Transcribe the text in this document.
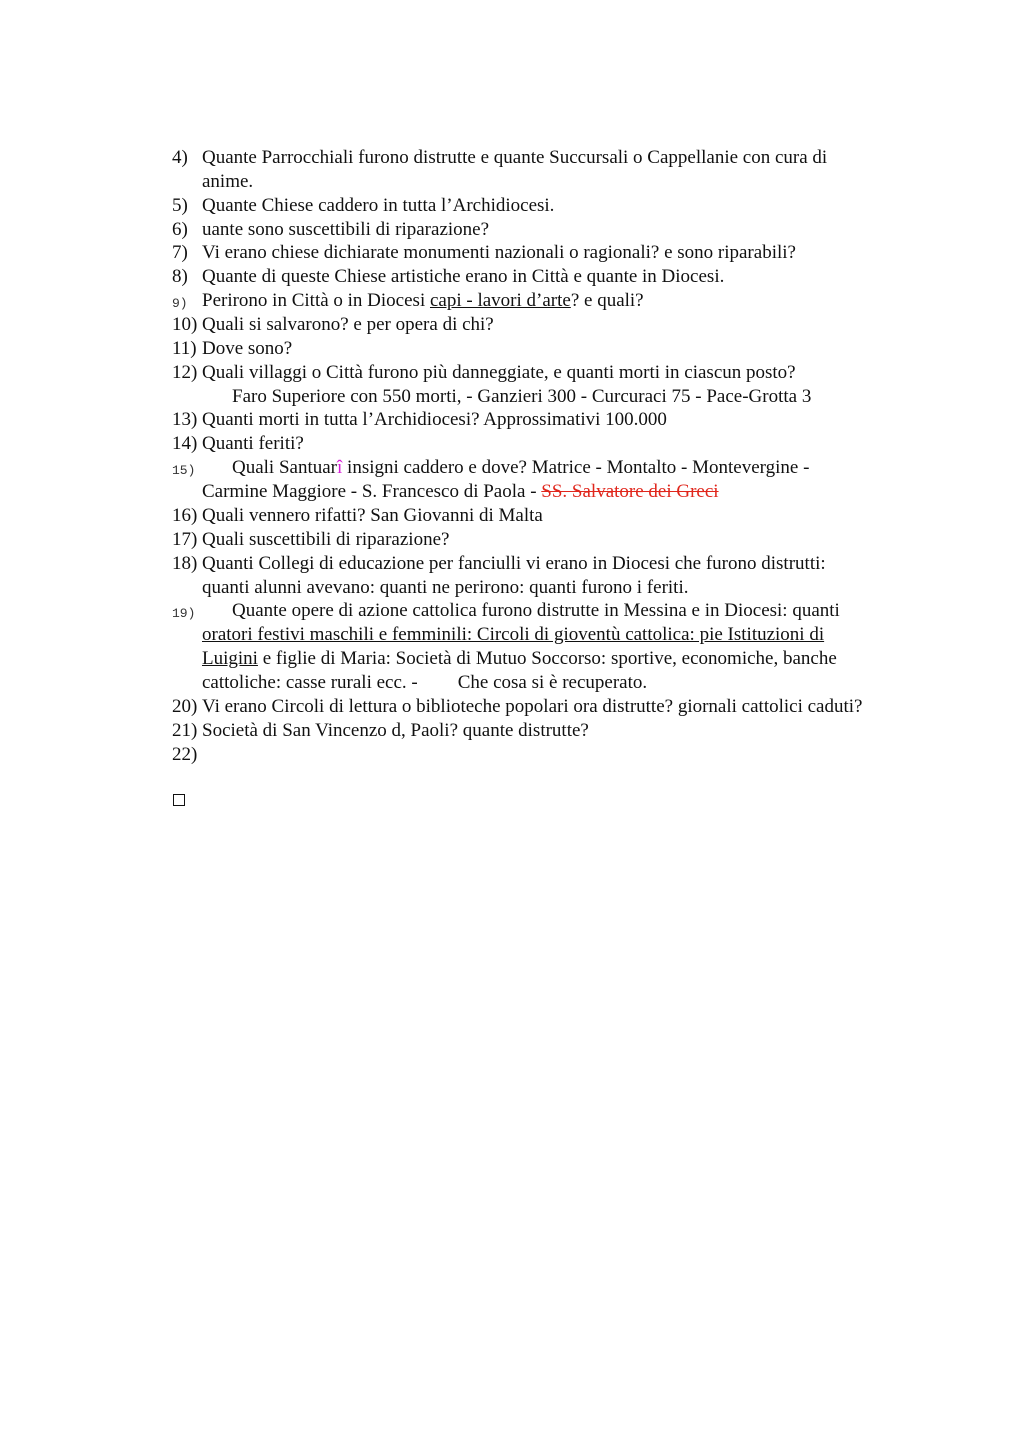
4) Quante Parrocchiali furono distrutte e quante Succursali o Cappellanie con cura di
anime.
5) Quante Chiese caddero in tutta l’Archidiocesi.
6) uante sono suscettibili di riparazione?
7) Vi erano chiese dichiarate monumenti nazionali o ragionali? e sono riparabili?
8) Quante di queste Chiese artistiche erano in Città e quante in Diocesi.
9) Perirono in Città o in Diocesi capi - lavori d’arte? e quali?
10) Quali si salvarono? e per opera di chi?
11) Dove sono?
12) Quali villaggi o Città furono più danneggiate, e quanti morti in ciascun posto?
Faro Superiore con 550 morti, - Ganzieri 300 - Curcuraci 75 - Pace-Grotta 3
13) Quanti morti in tutta l’Archidiocesi? Approssimativi 100.000
14) Quanti feriti?
15)	Quali Santuarî insigni caddero e dove? Matrice - Montalto - Montevergine -
Carmine Maggiore - S. Francesco di Paola - SS. Salvatore dei Greci
16) Quali vennero rifatti? San Giovanni di Malta
17) Quali suscettibili di riparazione?
18) Quanti Collegi di educazione per fanciulli vi erano in Diocesi che furono distrutti:
quanti alunni avevano: quanti ne perirono: quanti furono i feriti.
19)	Quante opere di azione cattolica furono distrutte in Messina e in Diocesi: quanti
oratori festivi maschili e femminili: Circoli di gioventù cattolica: pie Istituzioni di
Luigini e figlie di Maria: Società di Mutuo Soccorso: sportive, economiche, banche
cattoliche: casse rurali ecc. - Che cosa si è recuperato.
20) Vi erano Circoli di lettura o biblioteche popolari ora distrutte? giornali cattolici caduti?
21) Società di San Vincenzo d, Paoli? quante distrutte?
22)
